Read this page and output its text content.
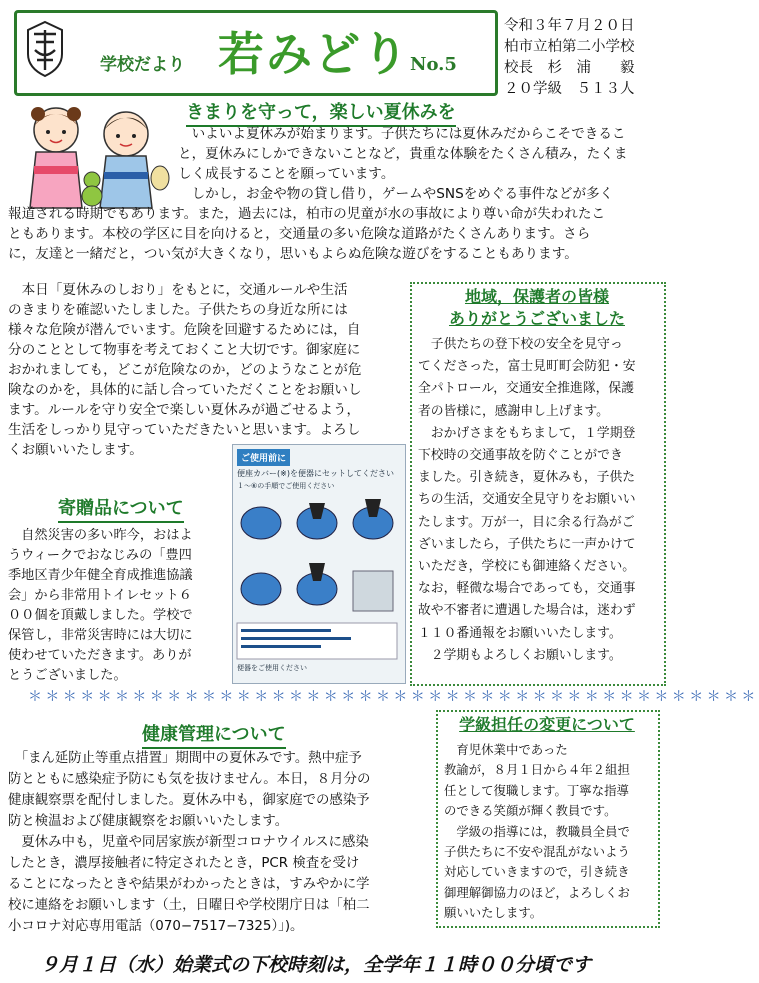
学校だより 若みどり No.5
令和３年７月２０日
柏市立柏第二小学校
校長　杉　浦　　毅
２０学級　５１３人
きまりを守って，楽しい夏休みを

　いよいよ夏休みが始まります。子供たちには夏休みだからこそできるこ

と，夏休みにしかできないことなど，貴重な体験をたくさん積み，たくま

しく成長することを願っています。

　しかし，お金や物の貸し借り，ゲームやSNSをめぐる事件などが多く

報道される時期でもあります。また，過去には，柏市の児童が水の事故により尊い命が失われたこ

ともあります。本校の学区に目を向けると，交通量の多い危険な道路がたくさんあります。さら

に，友達と一緒だと，つい気が大きくなり，思いもよらぬ危険な遊びをすることもあります。

　本日「夏休みのしおり」をもとに，交通ルールや生活

のきまりを確認いたしました。子供たちの身近な所には

様々な危険が潜んでいます。危険を回避するためには，自

分のこととして物事を考えておくこと大切です。御家庭に

おかれましても，どこが危険なのか，どのようなことが危

険なのかを，具体的に話し合っていただくことをお願いし

ます。ルールを守り安全で楽しい夏休みが過ごせるよう，

生活をしっかり見守っていただきたいと思います。よろし

くお願いいたします。

寄贈品について

　自然災害の多い昨今，おはよ

うウィークでおなじみの「豊四

季地区青少年健全育成推進協議

会」から非常用トイレセット６

００個を頂戴しました。学校で

保管し，非常災害時には大切に

使わせていただきます。ありが

とうございました。

ご使用前に
便座カバー(※)を便器にセットしてください
１～⑥の手順でご使用ください
便器をご使用ください
地域，保護者の皆様
ありがとうございました

　子供たちの登下校の安全を見守っ

てくださった，富士見町町会防犯・安

全パトロール，交通安全推進隊，保護

者の皆様に，感謝申し上げます。

　おかげさまをもちまして，１学期登

下校時の交通事故を防ぐことができ

ました。引き続き，夏休みも，子供た

ちの生活，交通安全見守りをお願いい

たします。万が一，目に余る行為がご

ざいましたら，子供たちに一声かけて

いただき，学校にも御連絡ください。

なお，軽微な場合であっても，交通事

故や不審者に遭遇した場合は，迷わず

１１０番通報をお願いいたします。

　２学期もよろしくお願いします。

＊＊＊＊＊＊＊＊＊＊＊＊＊＊＊＊＊＊＊＊＊＊＊＊＊＊＊＊＊＊＊＊＊＊＊＊＊＊＊＊＊＊
健康管理について

　「まん延防止等重点措置」期間中の夏休みです。熱中症予

防とともに感染症予防にも気を抜けません。本日，８月分の

健康観察票を配付しました。夏休み中も，御家庭での感染予

防と検温および健康観察をお願いいたします。

　夏休み中も，児童や同居家族が新型コロナウイルスに感染

したとき，濃厚接触者に特定されたとき，PCR 検査を受け

ることになったときや結果がわかったときは，すみやかに学

校に連絡をお願いします（土，日曜日や学校閉庁日は「柏二

小コロナ対応専用電話（070−7517−7325）」)。

学級担任の変更について

　育児休業中であった

教諭が，８月１日から４年２組担

任として復職します。丁寧な指導

のできる笑顔が輝く教員です。

　学級の指導には，教職員全員で

子供たちに不安や混乱がないよう

対応していきますので，引き続き

御理解御協力のほど，よろしくお

願いいたします。

９月１日（水）始業式の下校時刻は，全学年１１時００分頃です
